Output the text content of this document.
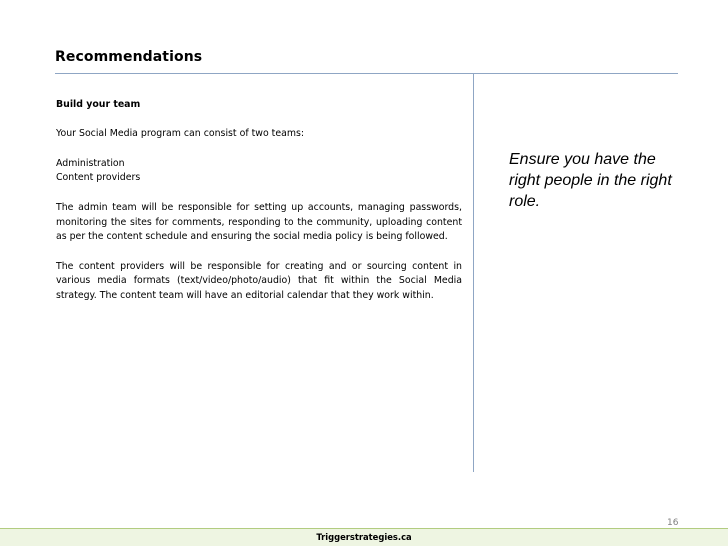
Recommendations

Build your team

Your Social Media program can consist of two teams:

Administration
Content providers

The admin team will be responsible for setting up accounts, managing passwords, monitoring the sites for comments, responding to the community, uploading content as per the content schedule and ensuring the social media policy is being followed.

The content providers will be responsible for creating and or sourcing content in various media formats (text/video/photo/audio) that fit within the Social Media strategy. The content team will have an editorial calendar that they work within.

Ensure you have the right people in the right role.
16
Triggerstrategies.ca
